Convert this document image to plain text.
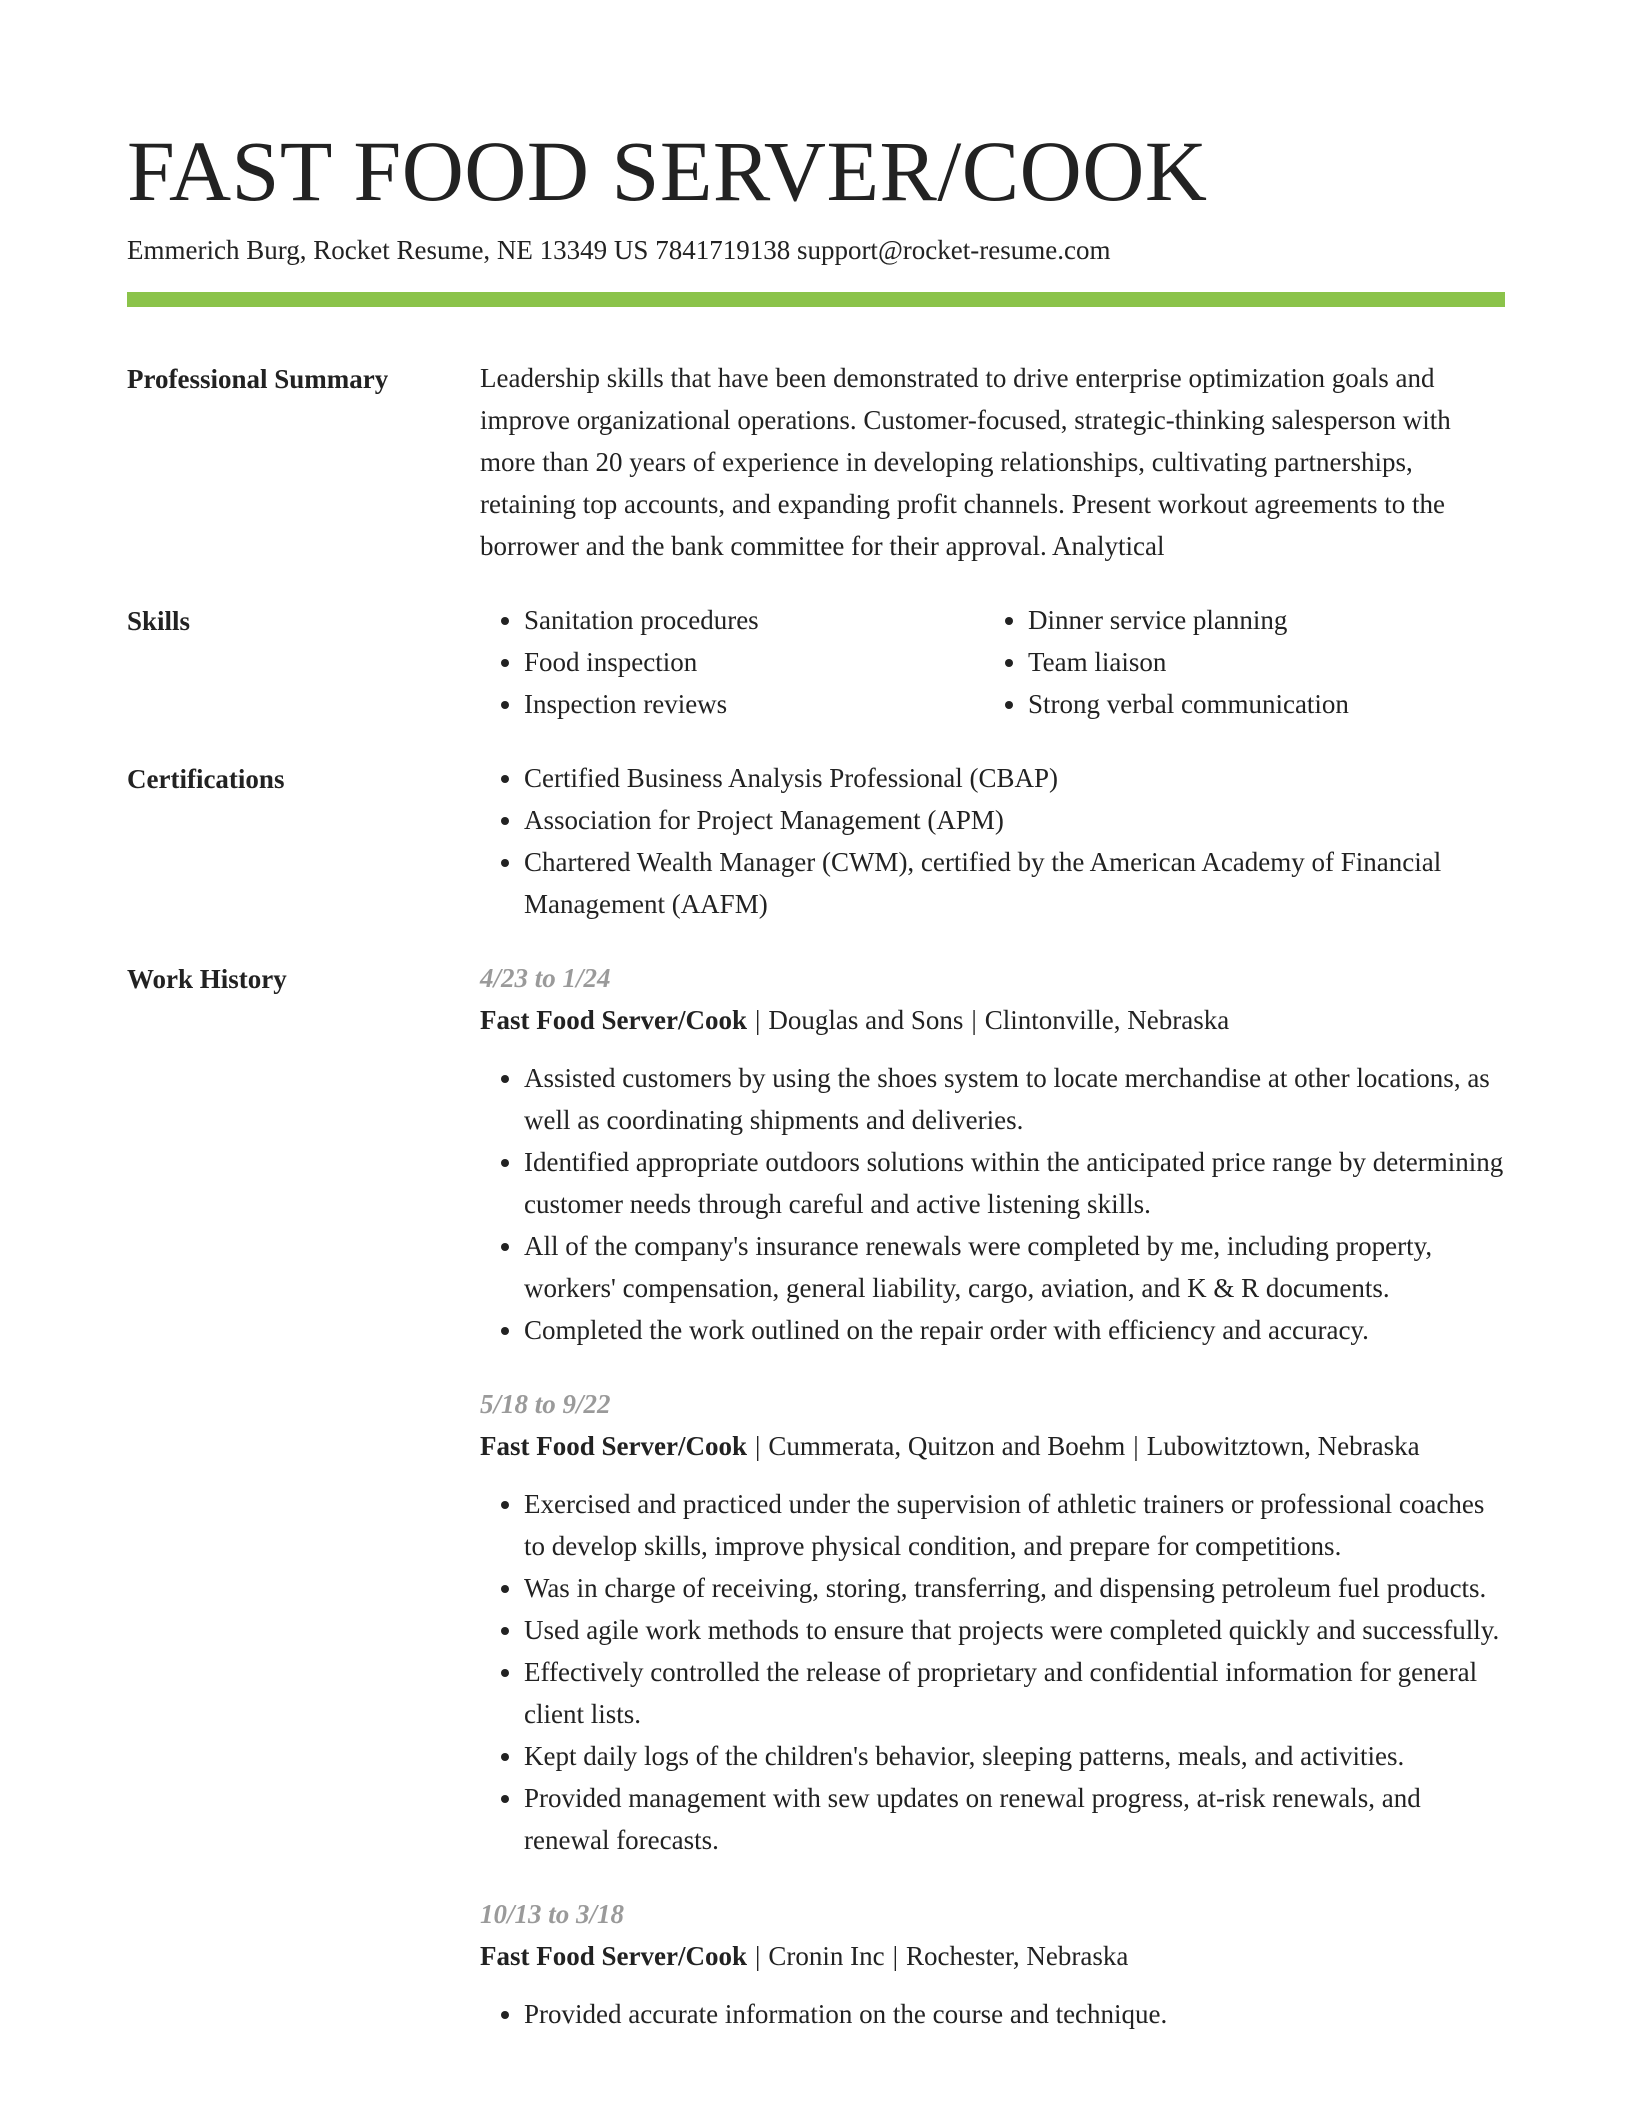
FAST FOOD SERVER/COOK
Emmerich Burg, Rocket Resume, NE 13349 US 7841719138 support@rocket-resume.com
Professional Summary	Leadership skills that have been demonstrated to drive enterprise optimization goals and improve organizational operations. Customer-focused, strategic-thinking salesperson with more than 20 years of experience in developing relationships, cultivating partnerships, retaining top accounts, and expanding profit channels. Present workout agreements to the borrower and the bank committee for their approval. Analytical

Skills	• Sanitation procedures
• Food inspection
• Inspection reviews
• Dinner service planning
• Team liaison
• Strong verbal communication
Certifications	• Certified Business Analysis Professional (CBAP)
• Association for Project Management (APM)
• Chartered Wealth Manager (CWM), certified by the American Academy of Financial Management (AAFM)
Work History	4/23 to 1/24
Fast Food Server/Cook | Douglas and Sons | Clintonville, Nebraska
• Assisted customers by using the shoes system to locate merchandise at other locations, as well as coordinating shipments and deliveries.
• Identified appropriate outdoors solutions within the anticipated price range by determining customer needs through careful and active listening skills.
• All of the company's insurance renewals were completed by me, including property, workers' compensation, general liability, cargo, aviation, and K & R documents.
• Completed the work outlined on the repair order with efficiency and accuracy.
5/18 to 9/22
Fast Food Server/Cook | Cummerata, Quitzon and Boehm | Lubowitztown, Nebraska
• Exercised and practiced under the supervision of athletic trainers or professional coaches to develop skills, improve physical condition, and prepare for competitions.
• Was in charge of receiving, storing, transferring, and dispensing petroleum fuel products.
• Used agile work methods to ensure that projects were completed quickly and successfully.
• Effectively controlled the release of proprietary and confidential information for general client lists.
• Kept daily logs of the children's behavior, sleeping patterns, meals, and activities.
• Provided management with sew updates on renewal progress, at-risk renewals, and renewal forecasts.
10/13 to 3/18
Fast Food Server/Cook | Cronin Inc | Rochester, Nebraska
• Provided accurate information on the course and technique.
